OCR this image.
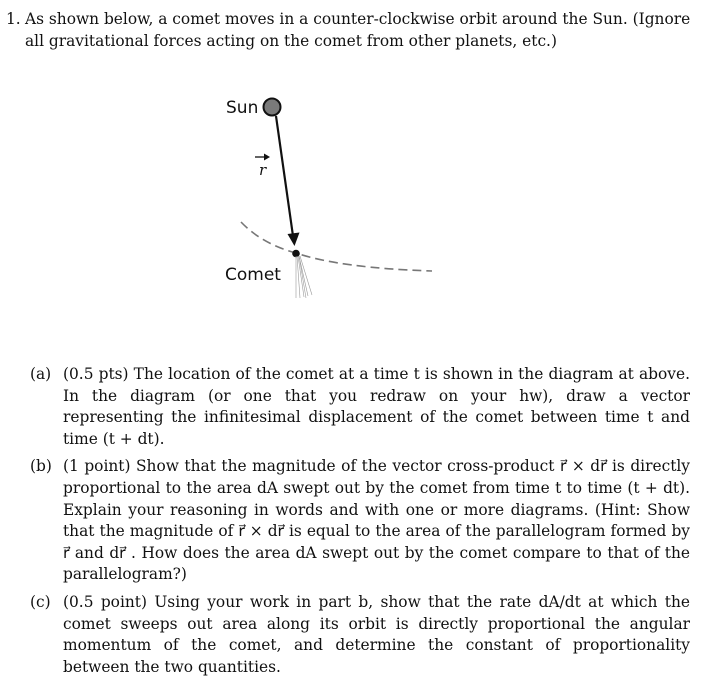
1. As shown below, a comet moves in a counter-clockwise orbit around the Sun. (Ignore all gravitational forces acting on the comet from other planets, etc.)
Sun
r
Comet
(a) (0.5 pts) The location of the comet at a time t is shown in the diagram at above. In the diagram (or one that you redraw on your hw), draw a vector representing the infinitesimal displacement of the comet between time t and time (t + dt).
(b) (1 point) Show that the magnitude of the vector cross-product r⃗ × dr⃗ is directly proportional to the area dA swept out by the comet from time t to time (t + dt). Explain your reasoning in words and with one or more diagrams. (Hint: Show that the magnitude of r⃗ × dr⃗ is equal to the area of the parallelogram formed by r⃗ and dr⃗ . How does the area dA swept out by the comet compare to that of the parallelogram?)
(c) (0.5 point) Using your work in part b, show that the rate dA/dt at which the comet sweeps out area along its orbit is directly proportional the angular momentum of the comet, and determine the constant of proportionality between the two quantities.
